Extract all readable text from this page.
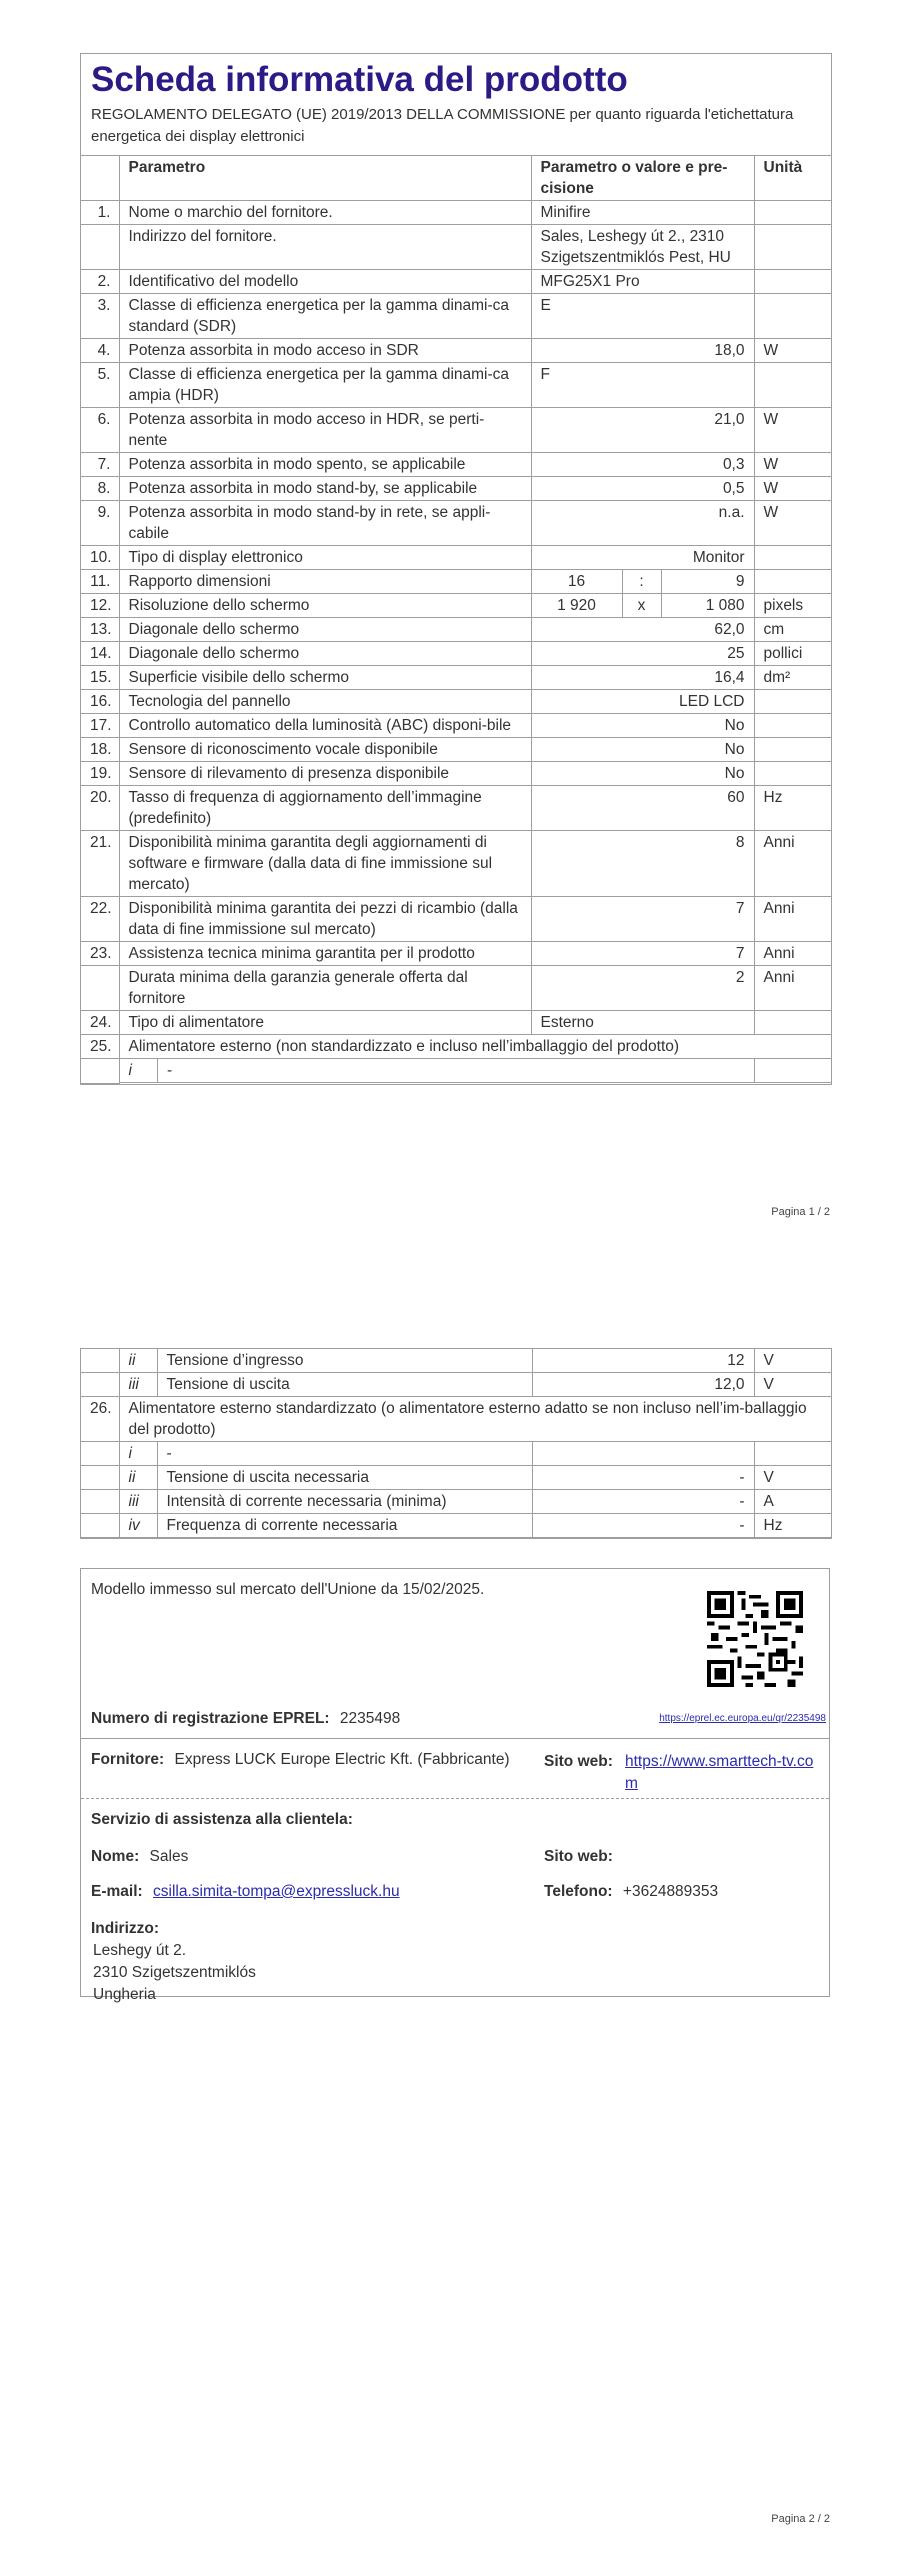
Scheda informativa del prodotto
REGOLAMENTO DELEGATO (UE) 2019/2013 DELLA COMMISSIONE per quanto riguarda l'etichettatura energetica dei display elettronici
	Parametro	Parametro o valore e pre-cisione	Unità
1.	Nome o marchio del fornitore.	Minifire	
	Indirizzo del fornitore.	Sales, Leshegy út 2., 2310 Szigetszentmiklós Pest, HU	
2.	Identificativo del modello	MFG25X1 Pro	
3.	Classe di efficienza energetica per la gamma dinami-ca standard (SDR)	E	
4.	Potenza assorbita in modo acceso in SDR	18,0	W
5.	Classe di efficienza energetica per la gamma dinami-ca ampia (HDR)	F	
6.	Potenza assorbita in modo acceso in HDR, se perti-nente	21,0	W
7.	Potenza assorbita in modo spento, se applicabile	0,3	W
8.	Potenza assorbita in modo stand-by, se applicabile	0,5	W
9.	Potenza assorbita in modo stand-by in rete, se appli-cabile	n.a.	W
10.	Tipo di display elettronico	Monitor	
11.	Rapporto dimensioni	16	:	9	
12.	Risoluzione dello schermo	1 920	x	1 080	pixels
13.	Diagonale dello schermo	62,0	cm
14.	Diagonale dello schermo	25	pollici
15.	Superficie visibile dello schermo	16,4	dm²
16.	Tecnologia del pannello	LED LCD	
17.	Controllo automatico della luminosità (ABC) disponi-bile	No	
18.	Sensore di riconoscimento vocale disponibile	No	
19.	Sensore di rilevamento di presenza disponibile	No	
20.	Tasso di frequenza di aggiornamento dell’immagine (predefinito)	60	Hz
21.	Disponibilità minima garantita degli aggiornamenti di software e firmware (dalla data di fine immissione sul mercato)	8	Anni
22.	Disponibilità minima garantita dei pezzi di ricambio (dalla data di fine immissione sul mercato)	7	Anni
23.	Assistenza tecnica minima garantita per il prodotto	7	Anni
	Durata minima della garanzia generale offerta dal fornitore	2	Anni
24.	Tipo di alimentatore	Esterno	
25.	Alimentatore esterno (non standardizzato e incluso nell’imballaggio del prodotto)

i	-	
Pagina 1 / 2
	ii	Tensione d’ingresso	12	V
	iii	Tensione di uscita	12,0	V
26.	Alimentatore esterno standardizzato (o alimentatore esterno adatto se non incluso nell’im-ballaggio del prodotto)			
	i	-		
	ii	Tensione di uscita necessaria	-	V
	iii	Intensità di corrente necessaria (minima)	-	A
	iv	Frequenza di corrente necessaria	-	Hz
Modello immesso sul mercato dell'Unione da 15/02/2025.
Numero di registrazione EPREL: 2235498	https://eprel.ec.europa.eu/qr/2235498
Fornitore: Express LUCK Europe Electric Kft. (Fabbricante)	Sito web: https://www.smarttech-tv.com
Servizio di assistenza alla clientela:
Nome: Sales	Sito web:
E-mail: csilla.simita-tompa@expressluck.hu	Telefono: +3624889353
Indirizzo:
Leshegy út 2.
2310 Szigetszentmiklós
Ungheria
Pagina 2 / 2
